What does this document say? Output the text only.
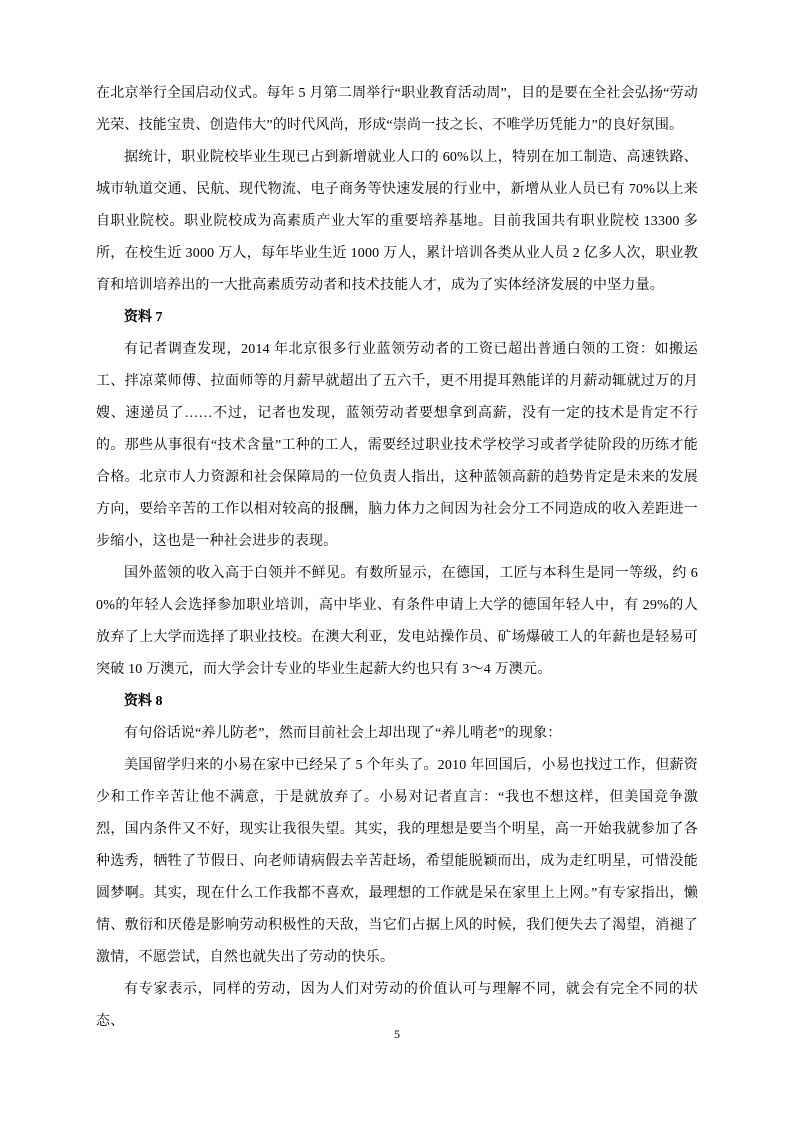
在北京举行全国启动仪式。每年 5 月第二周举行“职业教育活动周”，目的是要在全社会弘扬“劳动光荣、技能宝贵、创造伟大”的时代风尚，形成“崇尚一技之长、不唯学历凭能力”的良好氛围。

据统计，职业院校毕业生现已占到新增就业人口的 60%以上，特别在加工制造、高速铁路、城市轨道交通、民航、现代物流、电子商务等快速发展的行业中，新增从业人员已有 70%以上来自职业院校。职业院校成为高素质产业大军的重要培养基地。目前我国共有职业院校 13300 多所，在校生近 3000 万人，每年毕业生近 1000 万人，累计培训各类从业人员 2 亿多人次，职业教育和培训培养出的一大批高素质劳动者和技术技能人才，成为了实体经济发展的中坚力量。

资料 7

有记者调查发现，2014 年北京很多行业蓝领劳动者的工资已超出普通白领的工资：如搬运工、拌凉菜师傅、拉面师等的月薪早就超出了五六千，更不用提耳熟能详的月薪动辄就过万的月嫂、速递员了……不过，记者也发现，蓝领劳动者要想拿到高薪，没有一定的技术是肯定不行的。那些从事很有“技术含量”工种的工人，需要经过职业技术学校学习或者学徒阶段的历练才能合格。北京市人力资源和社会保障局的一位负责人指出，这种蓝领高薪的趋势肯定是未来的发展方向，要给辛苦的工作以相对较高的报酬，脑力体力之间因为社会分工不同造成的收入差距进一步缩小，这也是一种社会进步的表现。

国外蓝领的收入高于白领并不鲜见。有数所显示，在德国，工匠与本科生是同一等级，约 60%的年轻人会选择参加职业培训，高中毕业、有条件申请上大学的德国年轻人中，有 29%的人放弃了上大学而选择了职业技校。在澳大利亚，发电站操作员、矿场爆破工人的年薪也是轻易可突破 10 万澳元，而大学会计专业的毕业生起薪大约也只有 3～4 万澳元。

资料 8

有句俗话说“养儿防老”，然而目前社会上却出现了“养儿啃老”的现象：

美国留学归来的小易在家中已经呆了 5 个年头了。2010 年回国后，小易也找过工作，但薪资少和工作辛苦让他不满意，于是就放弃了。小易对记者直言：“我也不想这样，但美国竞争激烈，国内条件又不好，现实让我很失望。其实，我的理想是要当个明星，高一开始我就参加了各种选秀，牺牲了节假日、向老师请病假去辛苦赶场，希望能脱颖而出，成为走红明星，可惜没能圆梦啊。其实，现在什么工作我都不喜欢，最理想的工作就是呆在家里上上网。”有专家指出，懒情、敷衍和厌倦是影响劳动积极性的天敌，当它们占据上风的时候，我们便失去了渴望，消褪了激情，不愿尝试，自然也就失出了劳动的快乐。

有专家表示，同样的劳动，因为人们对劳动的价值认可与理解不同，就会有完全不同的状态、

5
